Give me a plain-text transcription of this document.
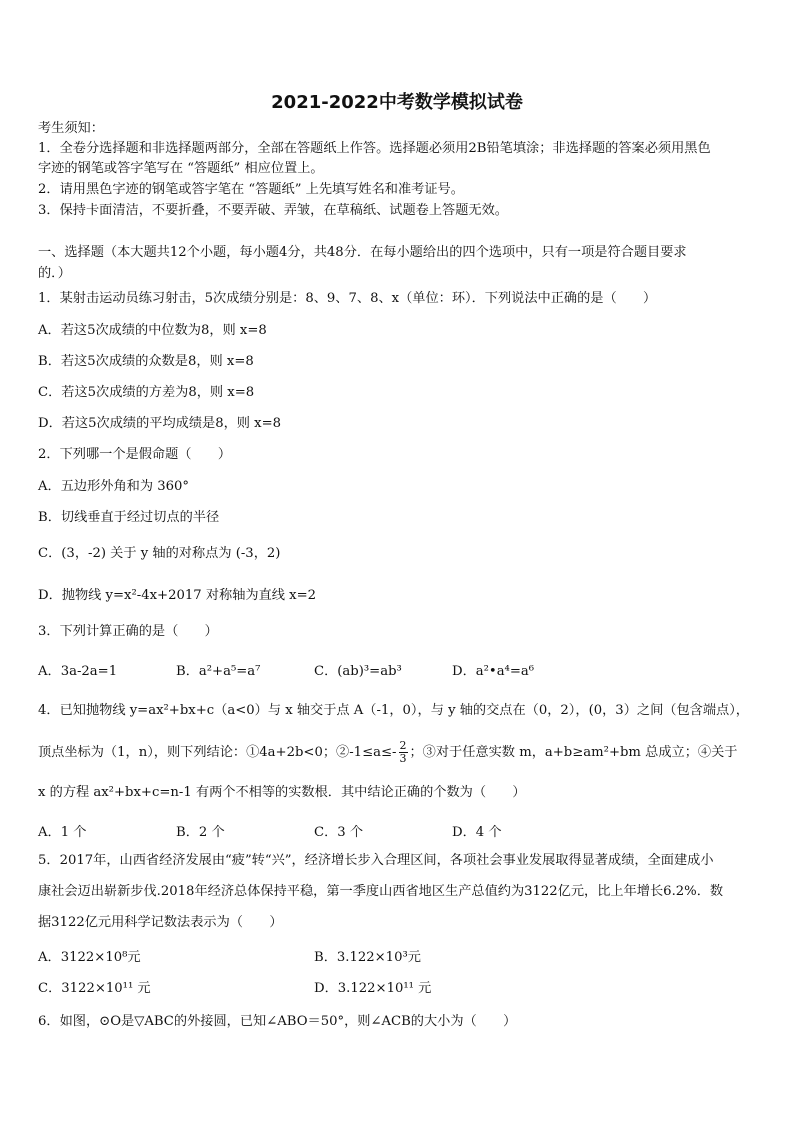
2021-2022中考数学模拟试卷
考生须知：
1．全卷分选择题和非选择题两部分，全部在答题纸上作答。选择题必须用2B铅笔填涂；非选择题的答案必须用黑色
字迹的钢笔或答字笔写在 “答题纸” 相应位置上。
2．请用黑色字迹的钢笔或答字笔在 “答题纸” 上先填写姓名和准考证号。
3．保持卡面清洁，不要折叠，不要弄破、弄皱，在草稿纸、试题卷上答题无效。
一、选择题（本大题共12个小题，每小题4分，共48分．在每小题给出的四个选项中，只有一项是符合题目要求
的．）
1．某射击运动员练习射击，5次成绩分别是：8、9、7、8、x（单位：环）．下列说法中正确的是（　　）
A．若这5次成绩的中位数为8，则 x=8
B．若这5次成绩的众数是8，则 x=8
C．若这5次成绩的方差为8，则 x=8
D．若这5次成绩的平均成绩是8，则 x=8
2．下列哪一个是假命题（　　）
A．五边形外角和为 360°
B．切线垂直于经过切点的半径
C．(3，-2) 关于 y 轴的对称点为 (-3，2)
D．抛物线 y=x²-4x+2017 对称轴为直线 x=2
3．下列计算正确的是（　　）
A．3a-2a=1	B．a²+a⁵=a⁷	C．(ab)³=ab³	D．a²•a⁴=a⁶
4．已知抛物线 y=ax²+bx+c（a<0）与 x 轴交于点 A（-1，0），与 y 轴的交点在（0，2），(0，3）之间（包含端点），
顶点坐标为（1，n），则下列结论：①4a+2b<0；②-1≤a≤- $\frac{2}{3}$ ；③对于任意实数 m，a+b≥am²+bm 总成立；④关于
x 的方程 ax²+bx+c=n-1 有两个不相等的实数根．其中结论正确的个数为（　　）
A．1 个	B．2 个	C．3 个	D．4 个
5．2017年，山西省经济发展由“疲”转“兴”，经济增长步入合理区间，各项社会事业发展取得显著成绩，全面建成小
康社会迈出崭新步伐.2018年经济总体保持平稳，第一季度山西省地区生产总值约为3122亿元，比上年增长6.2%．数
据3122亿元用科学记数法表示为（　　）
A．3122×10⁸元	B．3.122×10³元
C．3122×10¹¹ 元	D．3.122×10¹¹ 元
6．如图，⊙O是▽ABC的外接圆，已知∠ABO＝50°，则∠ACB的大小为（　　）
